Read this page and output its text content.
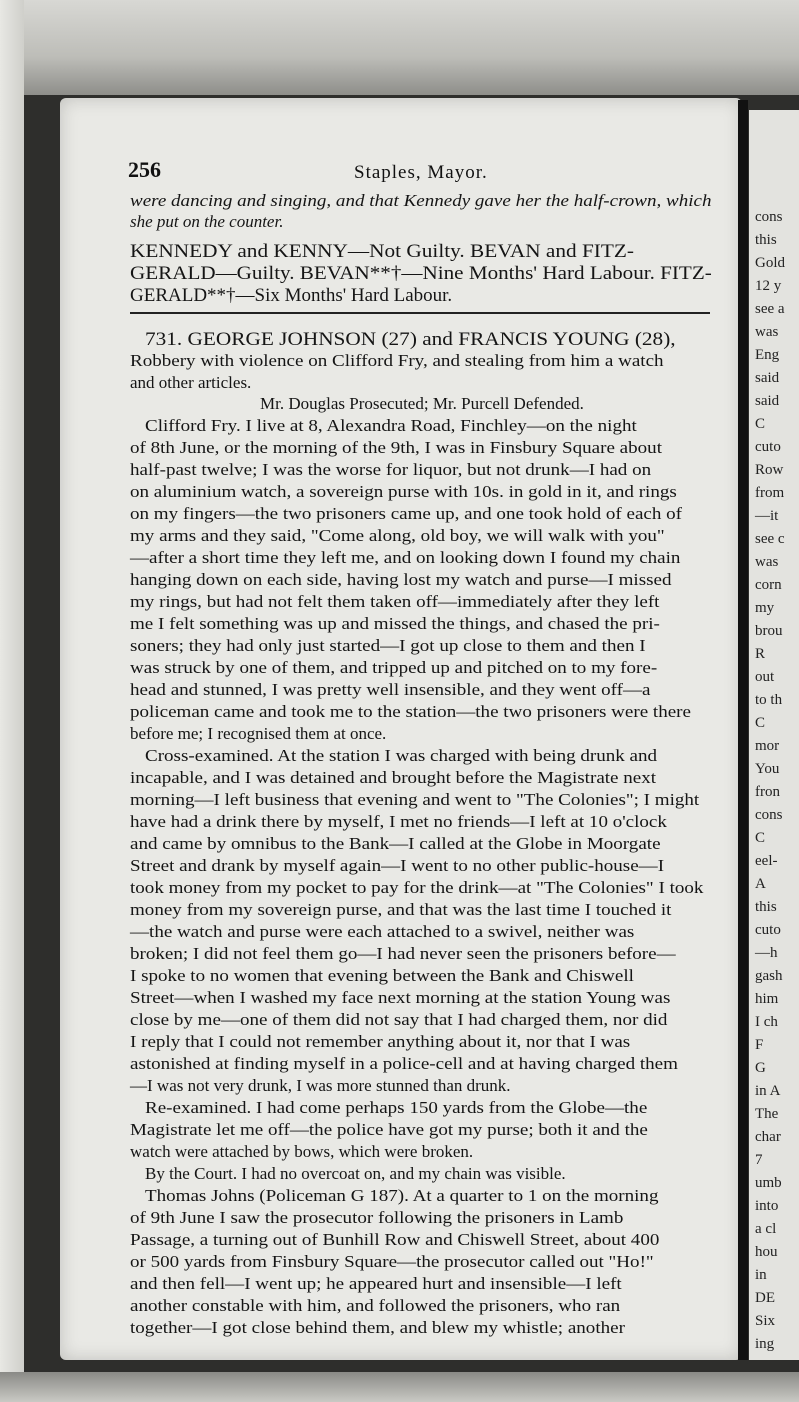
cons
this
Gold
12 y
see a
was
Eng
said
said
C
cuto
Row
from
—it
see c
was
corn
my
brou
R
out
to th
C
mor
You
fron
cons
C
eel-
A
this
cuto
—h
gash
him
I ch
F
G
in A
The
char
7
umb
into
a cl
hou
in
DE
Six
ing
256	Staples, Mayor.
were dancing and singing, and that Kennedy gave her the half-crown, which
she put on the counter.
KENNEDY and KENNY—Not Guilty. BEVAN and FITZ-
GERALD—Guilty. BEVAN**†—Nine Months' Hard Labour. FITZ-
GERALD**†—Six Months' Hard Labour.
731. GEORGE JOHNSON (27) and FRANCIS YOUNG (28),
Robbery with violence on Clifford Fry, and stealing from him a watch
and other articles.
Mr. Douglas Prosecuted; Mr. Purcell Defended.
Clifford Fry. I live at 8, Alexandra Road, Finchley—on the night
of 8th June, or the morning of the 9th, I was in Finsbury Square about
half-past twelve; I was the worse for liquor, but not drunk—I had on
on aluminium watch, a sovereign purse with 10s. in gold in it, and rings
on my fingers—the two prisoners came up, and one took hold of each of
my arms and they said, "Come along, old boy, we will walk with you"
—after a short time they left me, and on looking down I found my chain
hanging down on each side, having lost my watch and purse—I missed
my rings, but had not felt them taken off—immediately after they left
me I felt something was up and missed the things, and chased the pri-
soners; they had only just started—I got up close to them and then I
was struck by one of them, and tripped up and pitched on to my fore-
head and stunned, I was pretty well insensible, and they went off—a
policeman came and took me to the station—the two prisoners were there
before me; I recognised them at once.
Cross-examined. At the station I was charged with being drunk and
incapable, and I was detained and brought before the Magistrate next
morning—I left business that evening and went to "The Colonies"; I might
have had a drink there by myself, I met no friends—I left at 10 o'clock
and came by omnibus to the Bank—I called at the Globe in Moorgate
Street and drank by myself again—I went to no other public-house—I
took money from my pocket to pay for the drink—at "The Colonies" I took
money from my sovereign purse, and that was the last time I touched it
—the watch and purse were each attached to a swivel, neither was
broken; I did not feel them go—I had never seen the prisoners before—
I spoke to no women that evening between the Bank and Chiswell
Street—when I washed my face next morning at the station Young was
close by me—one of them did not say that I had charged them, nor did
I reply that I could not remember anything about it, nor that I was
astonished at finding myself in a police-cell and at having charged them
—I was not very drunk, I was more stunned than drunk.
Re-examined. I had come perhaps 150 yards from the Globe—the
Magistrate let me off—the police have got my purse; both it and the
watch were attached by bows, which were broken.
By the Court. I had no overcoat on, and my chain was visible.
Thomas Johns (Policeman G 187). At a quarter to 1 on the morning
of 9th June I saw the prosecutor following the prisoners in Lamb
Passage, a turning out of Bunhill Row and Chiswell Street, about 400
or 500 yards from Finsbury Square—the prosecutor called out "Ho!"
and then fell—I went up; he appeared hurt and insensible—I left
another constable with him, and followed the prisoners, who ran
together—I got close behind them, and blew my whistle; another
